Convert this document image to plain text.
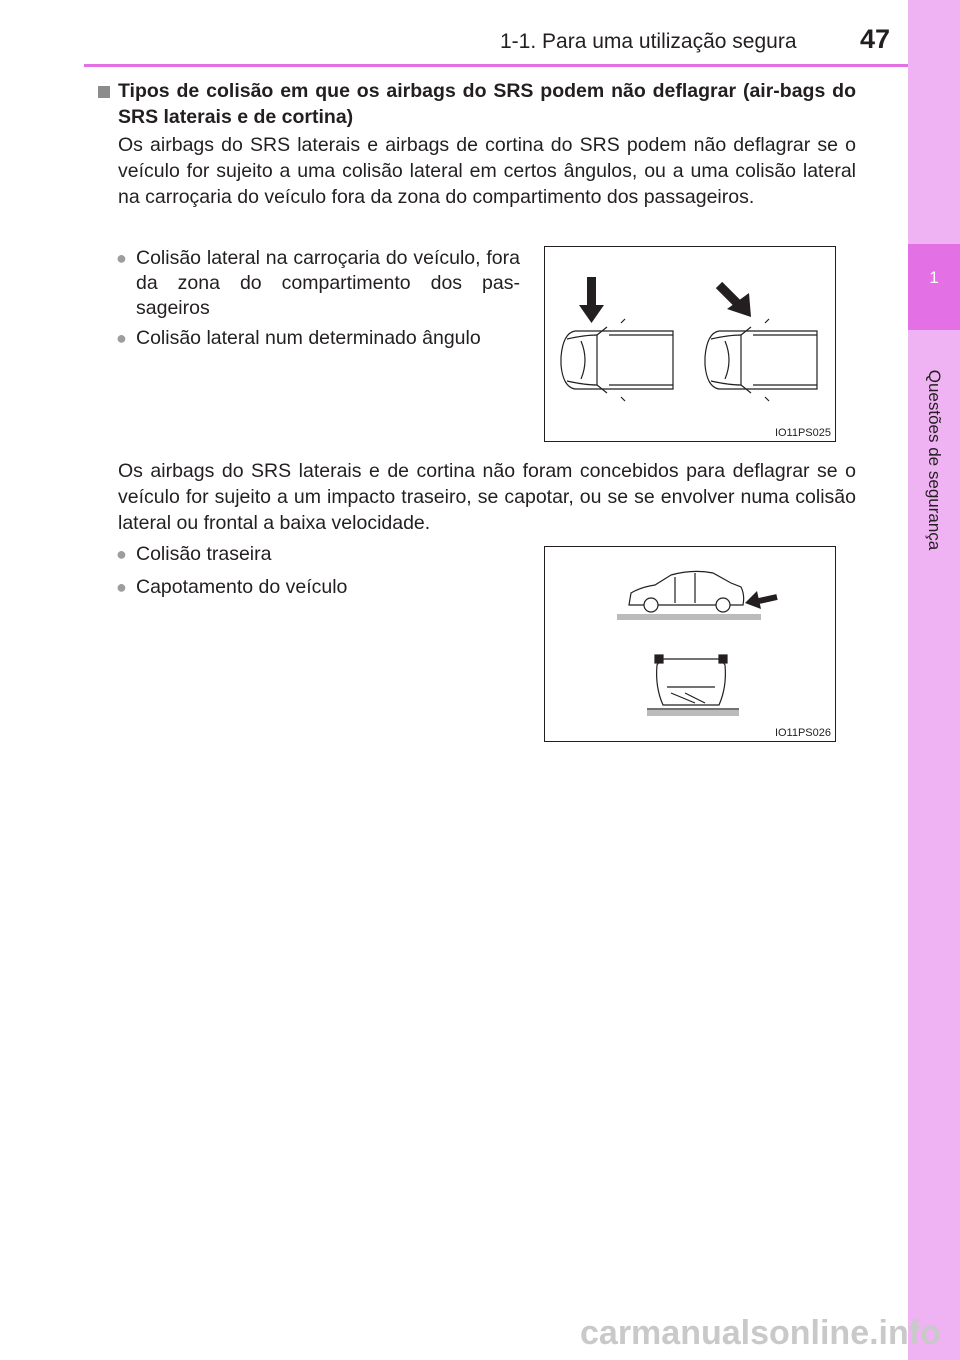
1
Questões de segurança
1-1. Para uma utilização segura 47
Tipos de colisão em que os airbags do SRS podem não deflagrar (air-bags do SRS laterais e de cortina)
Os airbags do SRS laterais e airbags de cortina do SRS podem não deflagrar se o veículo for sujeito a uma colisão lateral em certos ângulos, ou a uma colisão lateral na carroçaria do veículo fora da zona do compartimento dos passageiros.
● Colisão lateral na carroçaria do veículo, fora da zona do compartimento dos pas-sageiros
● Colisão lateral num determinado ângulo
IO11PS025
Os airbags do SRS laterais e de cortina não foram concebidos para deflagrar se o veículo for sujeito a um impacto traseiro, se capotar, ou se se envolver numa colisão lateral ou frontal a baixa velocidade.
● Colisão traseira
● Capotamento do veículo
IO11PS026
carmanualsonline.info
